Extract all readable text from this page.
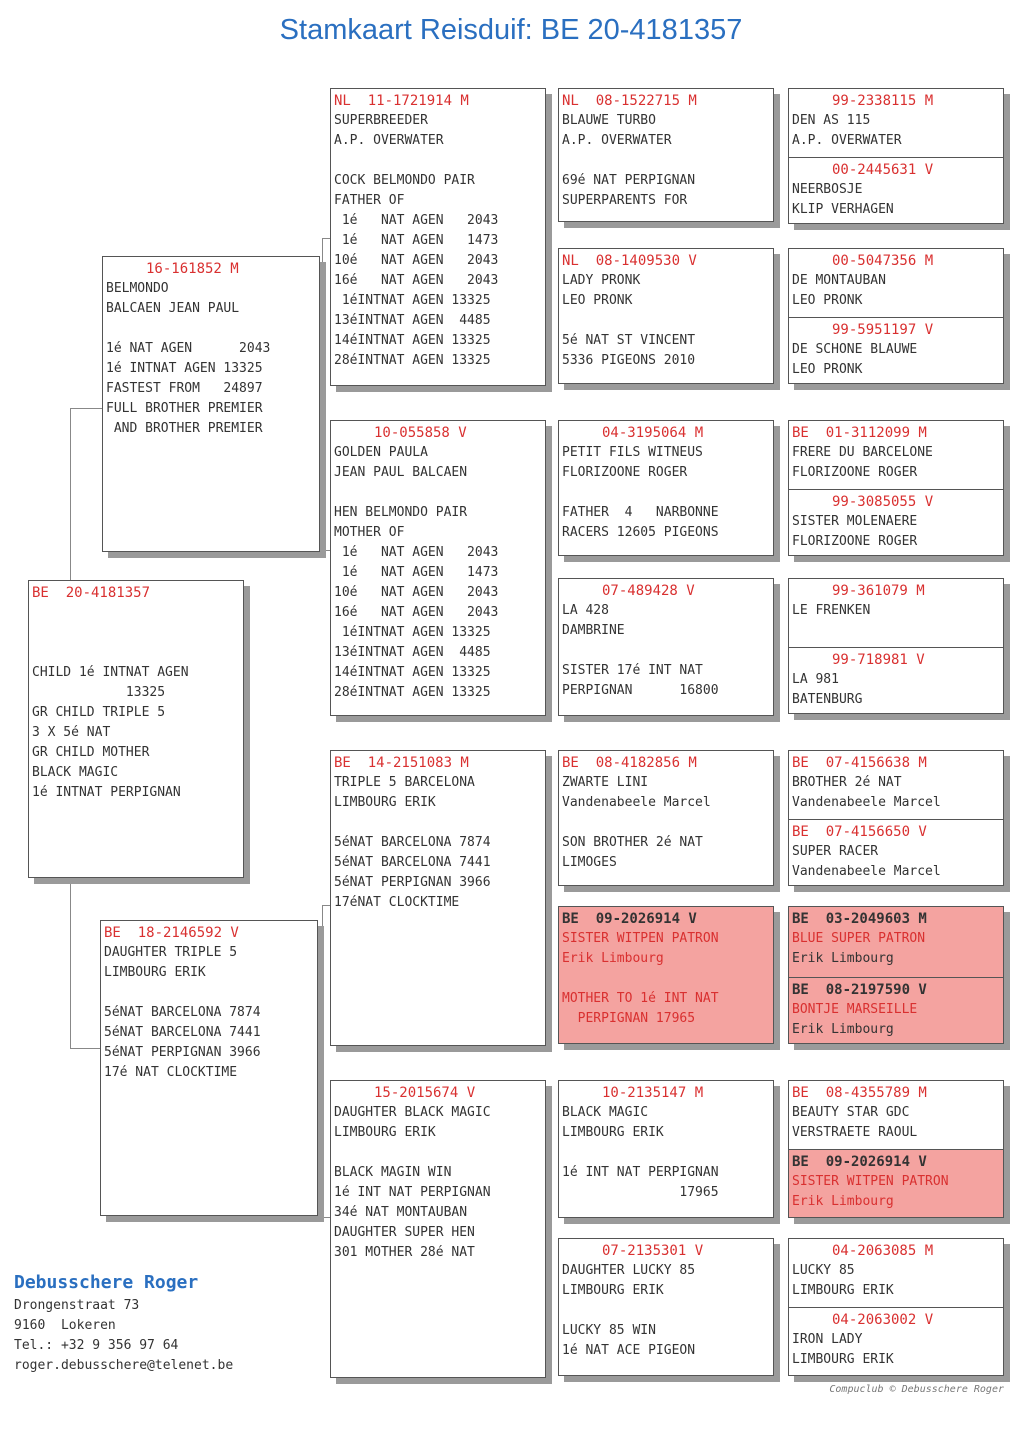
Stamkaart Reisduif: BE 20-4181357
BE  20-4181357
CHILD 1é INTNAT AGEN
13325
GR CHILD TRIPLE 5
3 X 5é NAT
GR CHILD MOTHER
BLACK MAGIC
1é INTNAT PERPIGNAN
16-161852 M
BELMONDO
BALCAEN JEAN PAUL
1é NAT AGEN      2043
1é INTNAT AGEN 13325
FASTEST FROM   24897
FULL BROTHER PREMIER
AND BROTHER PREMIER
BE  18-2146592 V
DAUGHTER TRIPLE 5
LIMBOURG ERIK
5éNAT BARCELONA 7874
5éNAT BARCELONA 7441
5éNAT PERPIGNAN 3966
17é NAT CLOCKTIME
NL  11-1721914 M
SUPERBREEDER
A.P. OVERWATER
COCK BELMONDO PAIR
FATHER OF
1é   NAT AGEN   2043
1é   NAT AGEN   1473
10é   NAT AGEN   2043
16é   NAT AGEN   2043
1éINTNAT AGEN 13325
13éINTNAT AGEN  4485
14éINTNAT AGEN 13325
28éINTNAT AGEN 13325
10-055858 V
GOLDEN PAULA
JEAN PAUL BALCAEN
HEN BELMONDO PAIR
MOTHER OF
1é   NAT AGEN   2043
1é   NAT AGEN   1473
10é   NAT AGEN   2043
16é   NAT AGEN   2043
1éINTNAT AGEN 13325
13éINTNAT AGEN  4485
14éINTNAT AGEN 13325
28éINTNAT AGEN 13325
BE  14-2151083 M
TRIPLE 5 BARCELONA
LIMBOURG ERIK
5éNAT BARCELONA 7874
5éNAT BARCELONA 7441
5éNAT PERPIGNAN 3966
17éNAT CLOCKTIME
15-2015674 V
DAUGHTER BLACK MAGIC
LIMBOURG ERIK
BLACK MAGIN WIN
1é INT NAT PERPIGNAN
34é NAT MONTAUBAN
DAUGHTER SUPER HEN
301 MOTHER 28é NAT
NL  08-1522715 M
BLAUWE TURBO
A.P. OVERWATER
69é NAT PERPIGNAN
SUPERPARENTS FOR
NL  08-1409530 V
LADY PRONK
LEO PRONK
5é NAT ST VINCENT
5336 PIGEONS 2010
04-3195064 M
PETIT FILS WITNEUS
FLORIZOONE ROGER
FATHER  4   NARBONNE
RACERS 12605 PIGEONS
07-489428 V
LA 428
DAMBRINE
SISTER 17é INT NAT
PERPIGNAN      16800
BE  08-4182856 M
ZWARTE LINI
Vandenabeele Marcel
SON BROTHER 2é NAT
LIMOGES
BE  09-2026914 V
SISTER WITPEN PATRON
Erik Limbourg
MOTHER TO 1é INT NAT
PERPIGNAN 17965
10-2135147 M
BLACK MAGIC
LIMBOURG ERIK
1é INT NAT PERPIGNAN
17965
07-2135301 V
DAUGHTER LUCKY 85
LIMBOURG ERIK
LUCKY 85 WIN
1é NAT ACE PIGEON
99-2338115 M
DEN AS 115
A.P. OVERWATER
00-2445631 V
NEERBOSJE
KLIP VERHAGEN
00-5047356 M
DE MONTAUBAN
LEO PRONK
99-5951197 V
DE SCHONE BLAUWE
LEO PRONK
BE  01-3112099 M
FRERE DU BARCELONE
FLORIZOONE ROGER
99-3085055 V
SISTER MOLENAERE
FLORIZOONE ROGER
99-361079 M
LE FRENKEN
99-718981 V
LA 981
BATENBURG
BE  07-4156638 M
BROTHER 2é NAT
Vandenabeele Marcel
BE  07-4156650 V
SUPER RACER
Vandenabeele Marcel
BE  03-2049603 M
BLUE SUPER PATRON
Erik Limbourg
BE  08-2197590 V
BONTJE MARSEILLE
Erik Limbourg
BE  08-4355789 M
BEAUTY STAR GDC
VERSTRAETE RAOUL
BE  09-2026914 V
SISTER WITPEN PATRON
Erik Limbourg
04-2063085 M
LUCKY 85
LIMBOURG ERIK
04-2063002 V
IRON LADY
LIMBOURG ERIK
Debusschere Roger
Drongenstraat 73
9160  Lokeren
Tel.: +32 9 356 97 64
roger.debusschere@telenet.be
Compuclub © Debusschere Roger
